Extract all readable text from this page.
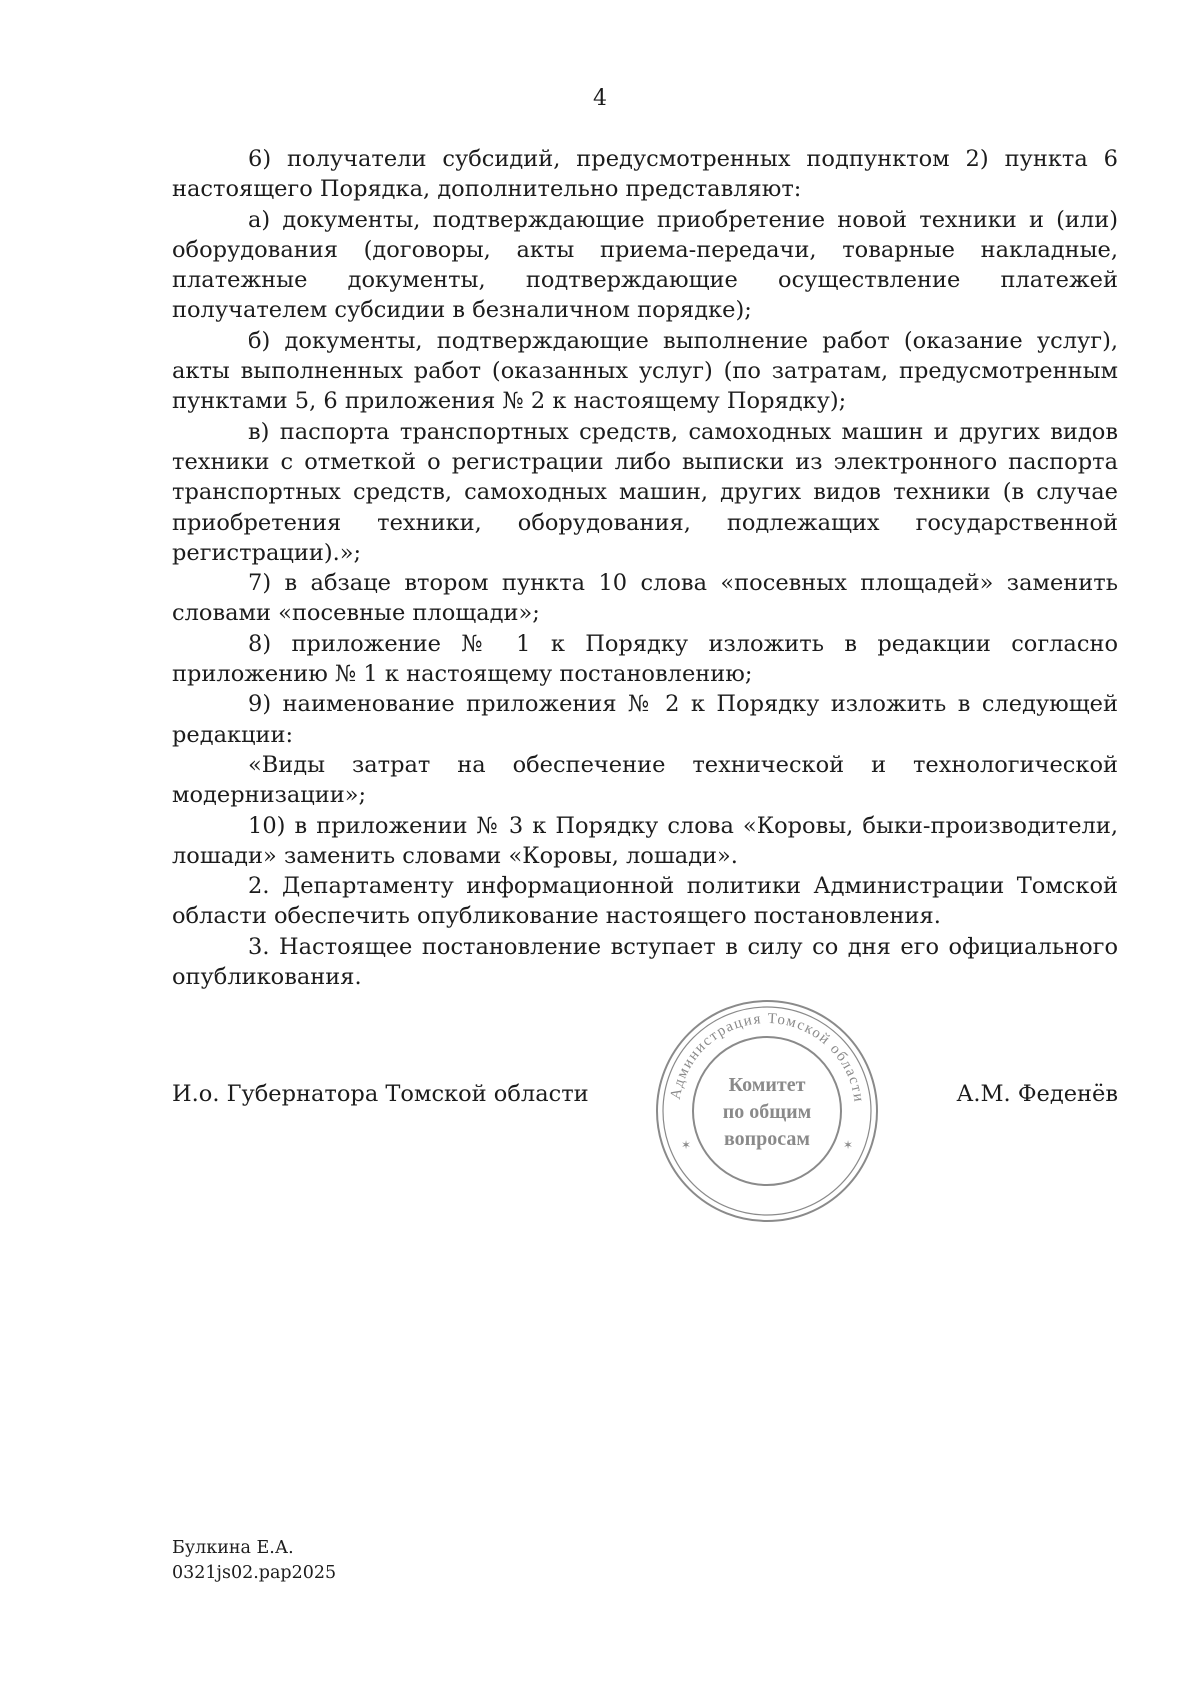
4

6) получатели субсидий, предусмотренных подпунктом 2) пункта 6 настоящего Порядка, дополнительно представляют:

а) документы, подтверждающие приобретение новой техники и (или) оборудования (договоры, акты приема-передачи, товарные накладные, платежные документы, подтверждающие осуществление платежей получателем субсидии в безналичном порядке);

б) документы, подтверждающие выполнение работ (оказание услуг), акты выполненных работ (оказанных услуг) (по затратам, предусмотренным пунктами 5, 6 приложения № 2 к настоящему Порядку);

в) паспорта транспортных средств, самоходных машин и других видов техники с отметкой о регистрации либо выписки из электронного паспорта транспортных средств, самоходных машин, других видов техники (в случае приобретения техники, оборудования, подлежащих государственной регистрации).»;

7) в абзаце втором пункта 10 слова «посевных площадей» заменить словами «посевные площади»;

8) приложение № 1 к Порядку изложить в редакции согласно приложению № 1 к настоящему постановлению;

9) наименование приложения № 2 к Порядку изложить в следующей редакции:

«Виды затрат на обеспечение технической и технологической модернизации»;

10) в приложении № 3 к Порядку слова «Коровы, быки-производители, лошади» заменить словами «Коровы, лошади».

2. Департаменту информационной политики Администрации Томской области обеспечить опубликование настоящего постановления.

3. Настоящее постановление вступает в силу со дня его официального опубликования.

И.о. Губернатора Томской области	А.М. Феденёв
Администрация Томской области
✶	✶
Комитет
по общим
вопросам
Булкина Е.А.
0321js02.pap2025
